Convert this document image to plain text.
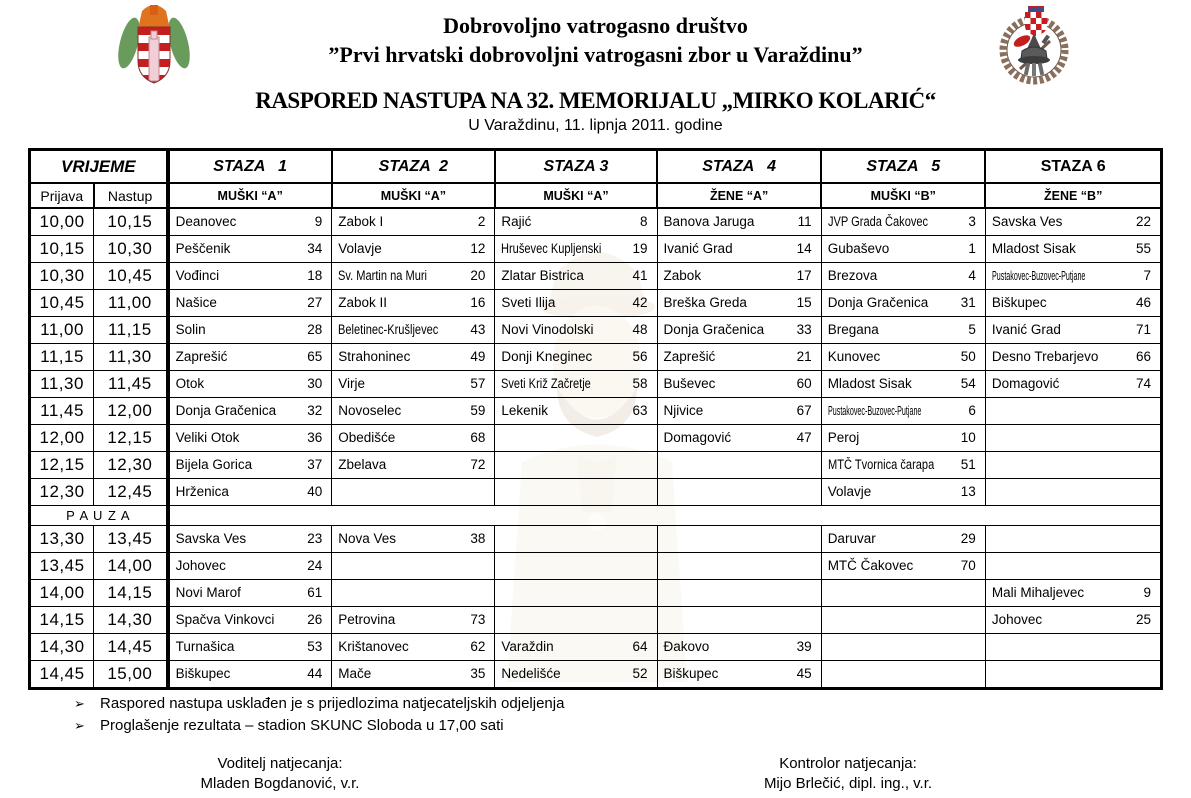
Dobrovoljno vatrogasno društvo
”Prvi hrvatski dobrovoljni vatrogasni zbor u Varaždinu”
RASPORED NASTUPA NA 32. MEMORIJALU „MIRKO KOLARIĆ“
U Varaždinu, 11. lipnja 2011. godine
VRIJEME		STAZA   1	STAZA  2	STAZA 3	STAZA   4	STAZA   5	STAZA 6
Prijava	Nastup	MUŠKI “A”	MUŠKI “A”	MUŠKI “A”	ŽENE “A”	MUŠKI “B”	ŽENE “B”
10,00	10,15	Deanovec 9	Zabok I 2	Rajić 8	Banova Jaruga 11	JVP Grada Čakovec 3	Savska Ves 22

10,15	10,30	Peščenik 34	Volavje 12	Hruševec Kupljenski 19	Ivanić Grad 14	Gubaševo 1	Mladost Sisak 55

10,30	10,45	Vođinci 18	Sv. Martin na Muri 20	Zlatar Bistrica 41	Zabok 17	Brezova 4	Pustakovec-Buzovec-Putjane 7

10,45	11,00	Našice 27	Zabok II 16	Sveti Ilija 42	Breška Greda 15	Donja Gračenica 31	Biškupec 46

11,00	11,15	Solin 28	Beletinec-Krušljevec 43	Novi Vinodolski 48	Donja Gračenica 33	Bregana 5	Ivanić Grad 71

11,15	11,30	Zaprešić 65	Strahoninec 49	Donji Kneginec 56	Zaprešić 21	Kunovec 50	Desno Trebarjevo 66

11,30	11,45	Otok 30	Virje 57	Sveti Križ Začretje 58	Buševec 60	Mladost Sisak 54	Domagović 74

11,45	12,00	Donja Gračenica 32	Novoselec 59	Lekenik 63	Njivice 67	Pustakovec-Buzovec-Putjane 6	

12,00	12,15	Veliki Otok 36	Obedišće 68		Domagović 47	Peroj 10	

12,15	12,30	Bijela Gorica 37	Zbelava 72			MTČ Tvornica čarapa 51	

12,30	12,45	Hrženica 40				Volavje 13	

P A U Z A							
13,30	13,45	Savska Ves 23	Nova Ves 38			Daruvar 29	

13,45	14,00	Johovec 24				MTČ Čakovec 70	

14,00	14,15	Novi Marof 61					Mali Mihaljevec 9

14,15	14,30	Spačva Vinkovci 26	Petrovina 73				Johovec 25

14,30	14,45	Turnašica 53	Krištanovec 62	Varaždin 64	Đakovo 39		

14,45	15,00	Biškupec 44	Mače 35	Nedelišće 52	Biškupec 45		

➢	Raspored nastupa usklađen je s prijedlozima natjecateljskih odjeljenja
➢	Proglašenje rezultata – stadion SKUNC Sloboda u 17,00 sati
Voditelj natjecanja:
Mladen Bogdanović, v.r.
Kontrolor natjecanja:
Mijo Brlečić, dipl. ing., v.r.
